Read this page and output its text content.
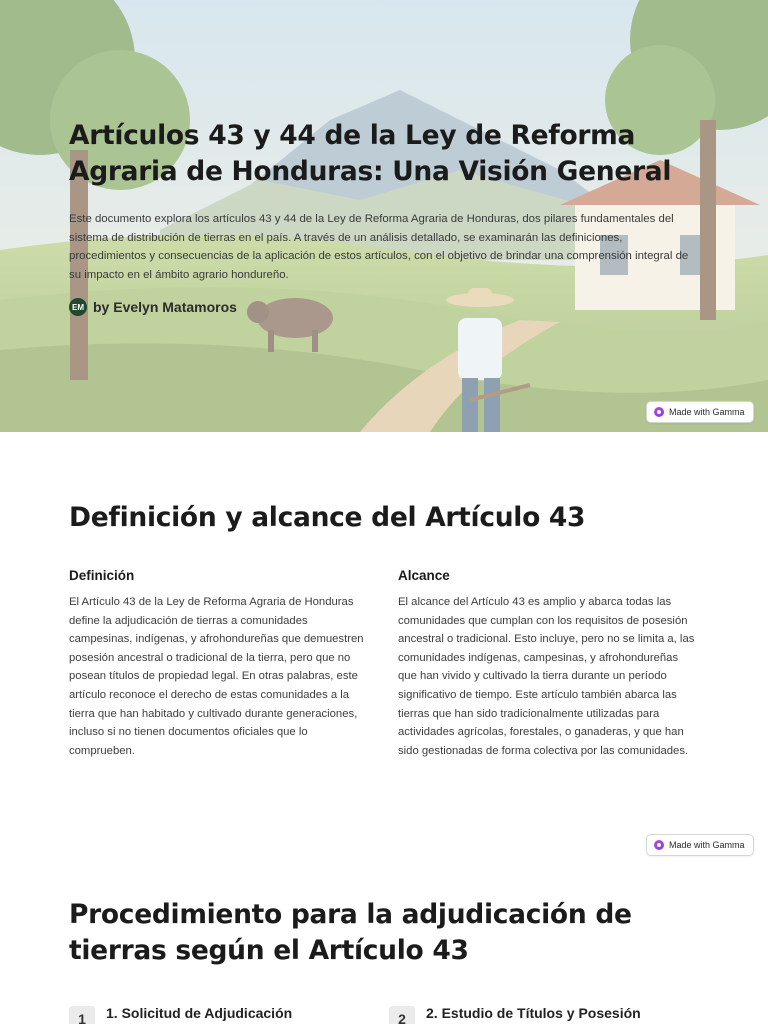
Artículos 43 y 44 de la Ley de Reforma Agraria de Honduras: Una Visión General

Este documento explora los artículos 43 y 44 de la Ley de Reforma Agraria de Honduras, dos pilares fundamentales del sistema de distribución de tierras en el país. A través de un análisis detallado, se examinarán las definiciones, procedimientos y consecuencias de la aplicación de estos artículos, con el objetivo de brindar una comprensión integral de su impacto en el ámbito agrario hondureño.

EM by Evelyn Matamoros
Made with Gamma
Definición y alcance del Artículo 43
Definición

El Artículo 43 de la Ley de Reforma Agraria de Honduras define la adjudicación de tierras a comunidades campesinas, indígenas, y afrohondureñas que demuestren posesión ancestral o tradicional de la tierra, pero que no posean títulos de propiedad legal. En otras palabras, este artículo reconoce el derecho de estas comunidades a la tierra que han habitado y cultivado durante generaciones, incluso si no tienen documentos oficiales que lo comprueben.

Alcance

El alcance del Artículo 43 es amplio y abarca todas las comunidades que cumplan con los requisitos de posesión ancestral o tradicional. Esto incluye, pero no se limita a, las comunidades indígenas, campesinas, y afrohondureñas que han vivido y cultivado la tierra durante un período significativo de tiempo. Este artículo también abarca las tierras que han sido tradicionalmente utilizadas para actividades agrícolas, forestales, o ganaderas, y que han sido gestionadas de forma colectiva por las comunidades.

Made with Gamma
Procedimiento para la adjudicación de tierras según el Artículo 43
1	1. Solicitud de Adjudicación	2	2. Estudio de Títulos y Posesión
